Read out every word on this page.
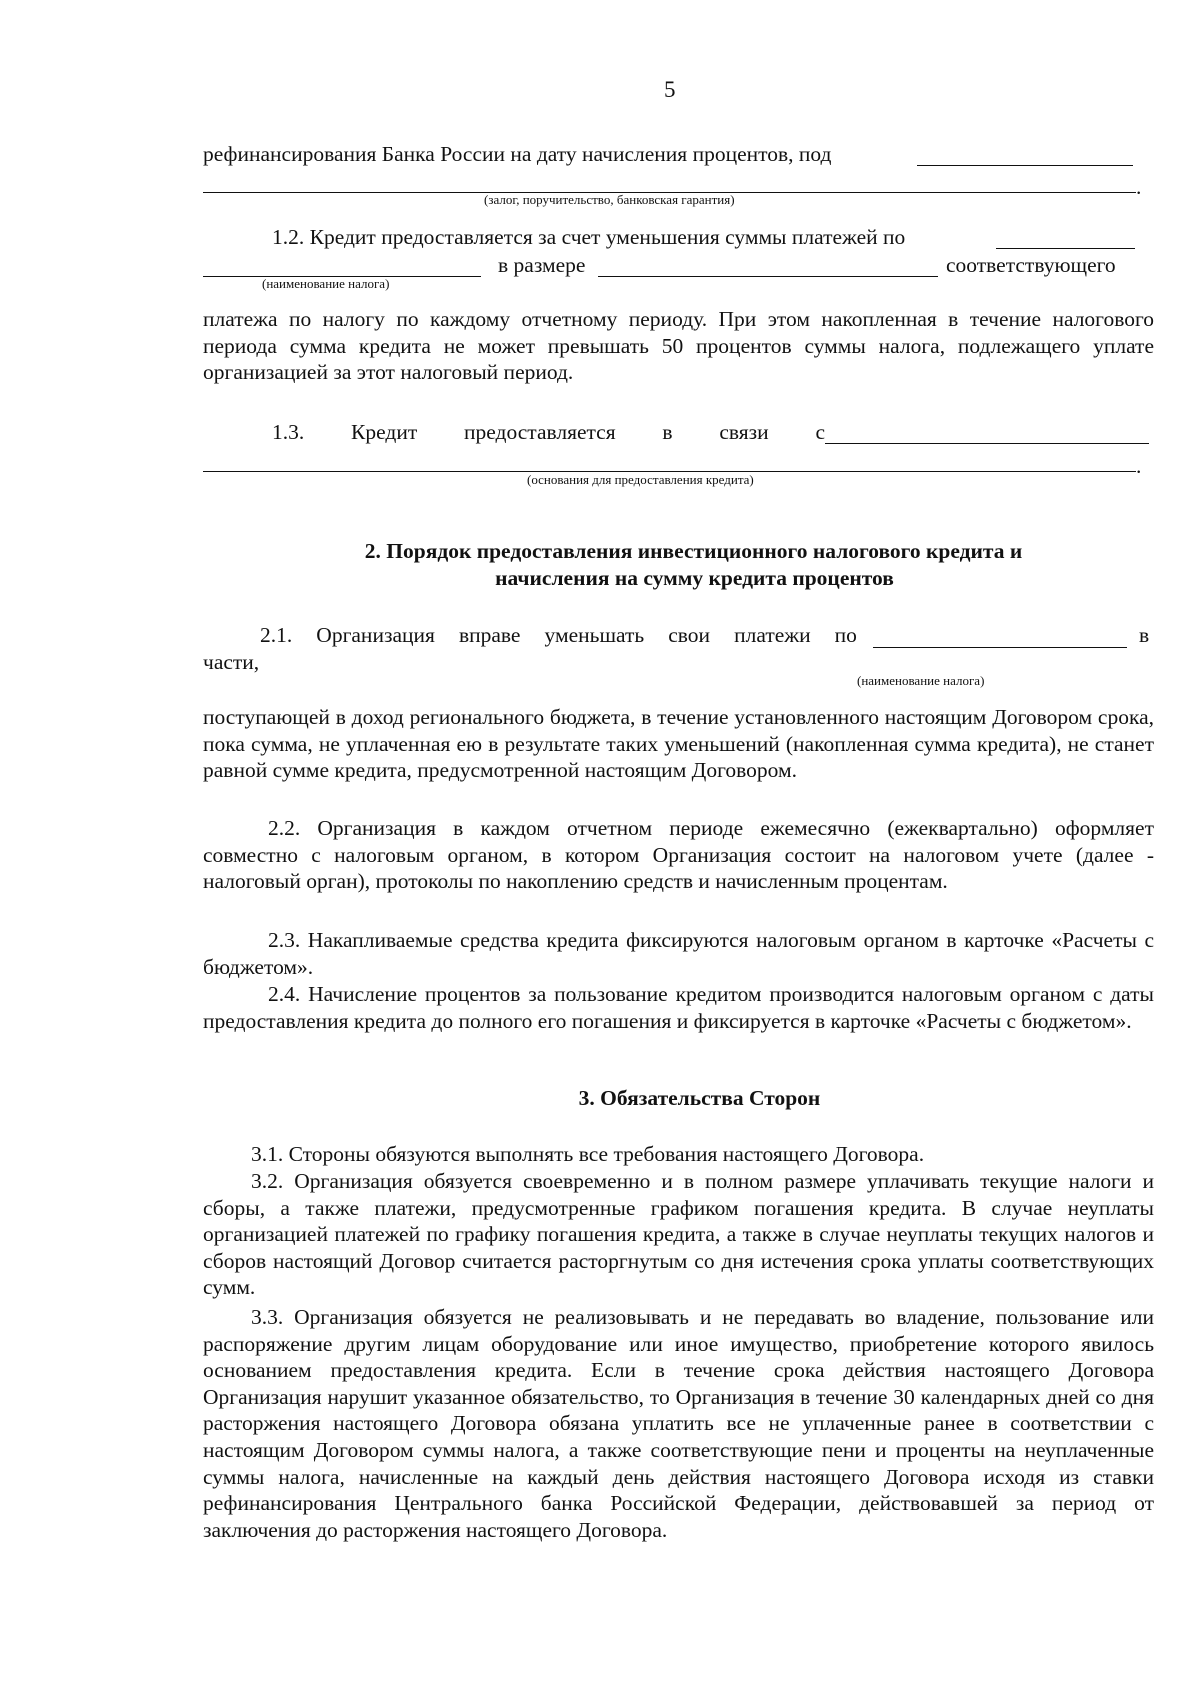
5
рефинансирования Банка России на дату начисления процентов, под
.
(залог, поручительство, банковская гарантия)
1.2. Кредит предоставляется за счет уменьшения суммы платежей по
в размере	соответствующего
(наименование налога)
платежа по налогу по каждому отчетному периоду. При этом накопленная в течение налогового периода сумма кредита не может превышать 50 процентов суммы налога, подлежащего уплате организацией за этот налоговый период.
1.3. Кредит предоставляется в связи с
.
(основания для предоставления кредита)
2. Порядок предоставления инвестиционного налогового кредита и
начисления на сумму кредита процентов
2.1. Организация вправе уменьшать свои платежи по	в
части,
(наименование налога)
поступающей в доход регионального бюджета, в течение установленного настоящим Договором срока, пока сумма, не уплаченная ею в результате таких уменьшений (накопленная сумма кредита), не станет равной сумме кредита, предусмотренной настоящим Договором.
2.2. Организация в каждом отчетном периоде ежемесячно (ежеквартально) оформляет совместно с налоговым органом, в котором Организация состоит на налоговом учете (далее - налоговый орган), протоколы по накоплению средств и начисленным процентам.
2.3. Накапливаемые средства кредита фиксируются налоговым органом в карточке «Расчеты с бюджетом».
2.4. Начисление процентов за пользование кредитом производится налоговым органом с даты предоставления кредита до полного его погашения и фиксируется в карточке «Расчеты с бюджетом».
3. Обязательства Сторон
3.1. Стороны обязуются выполнять все требования настоящего Договора.
3.2. Организация обязуется своевременно и в полном размере уплачивать текущие налоги и сборы, а также платежи, предусмотренные графиком погашения кредита. В случае неуплаты организацией платежей по графику погашения кредита, а также в случае неуплаты текущих налогов и сборов настоящий Договор считается расторгнутым со дня истечения срока уплаты соответствующих сумм.
3.3. Организация обязуется не реализовывать и не передавать во владение, пользование или распоряжение другим лицам оборудование или иное имущество, приобретение которого явилось основанием предоставления кредита. Если в течение срока действия настоящего Договора Организация нарушит указанное обязательство, то Организация в течение 30 календарных дней со дня расторжения настоящего Договора обязана уплатить все не уплаченные ранее в соответствии с настоящим Договором суммы налога, а также соответствующие пени и проценты на неуплаченные суммы налога, начисленные на каждый день действия настоящего Договора исходя из ставки рефинансирования Центрального банка Российской Федерации, действовавшей за период от заключения до расторжения настоящего Договора.
